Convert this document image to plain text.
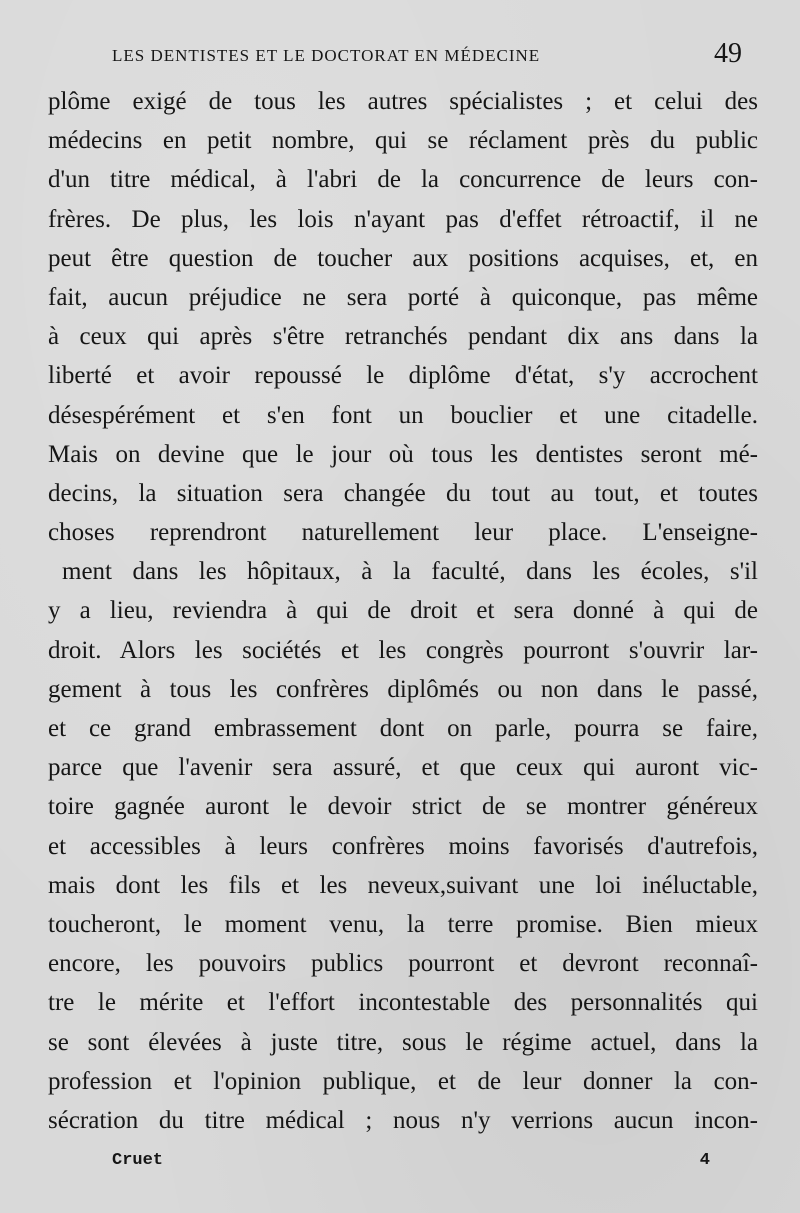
LES DENTISTES ET LE DOCTORAT EN MÉDECINE	49
plôme exigé de tous les autres spécialistes ; et celui des
médecins en petit nombre, qui se réclament près du public
d'un titre médical, à l'abri de la concurrence de leurs con-
frères. De plus, les lois n'ayant pas d'effet rétroactif, il ne
peut être question de toucher aux positions acquises, et, en
fait, aucun préjudice ne sera porté à quiconque, pas même
à ceux qui après s'être retranchés pendant dix ans dans la
liberté et avoir repoussé le diplôme d'état, s'y accrochent
désespérément et s'en font un bouclier et une citadelle.
Mais on devine que le jour où tous les dentistes seront mé-
decins, la situation sera changée du tout au tout, et toutes
choses reprendront naturellement leur place. L'enseigne-
ment dans les hôpitaux, à la faculté, dans les écoles, s'il
y a lieu, reviendra à qui de droit et sera donné à qui de
droit. Alors les sociétés et les congrès pourront s'ouvrir lar-
gement à tous les confrères diplômés ou non dans le passé,
et ce grand embrassement dont on parle, pourra se faire,
parce que l'avenir sera assuré, et que ceux qui auront vic-
toire gagnée auront le devoir strict de se montrer généreux
et accessibles à leurs confrères moins favorisés d'autrefois,
mais dont les fils et les neveux,suivant une loi inéluctable,
toucheront, le moment venu, la terre promise. Bien mieux
encore, les pouvoirs publics pourront et devront reconnaî-
tre le mérite et l'effort incontestable des personnalités qui
se sont élevées à juste titre, sous le régime actuel, dans la
profession et l'opinion publique, et de leur donner la con-
sécration du titre médical ; nous n'y verrions aucun incon-
Cruet	4
